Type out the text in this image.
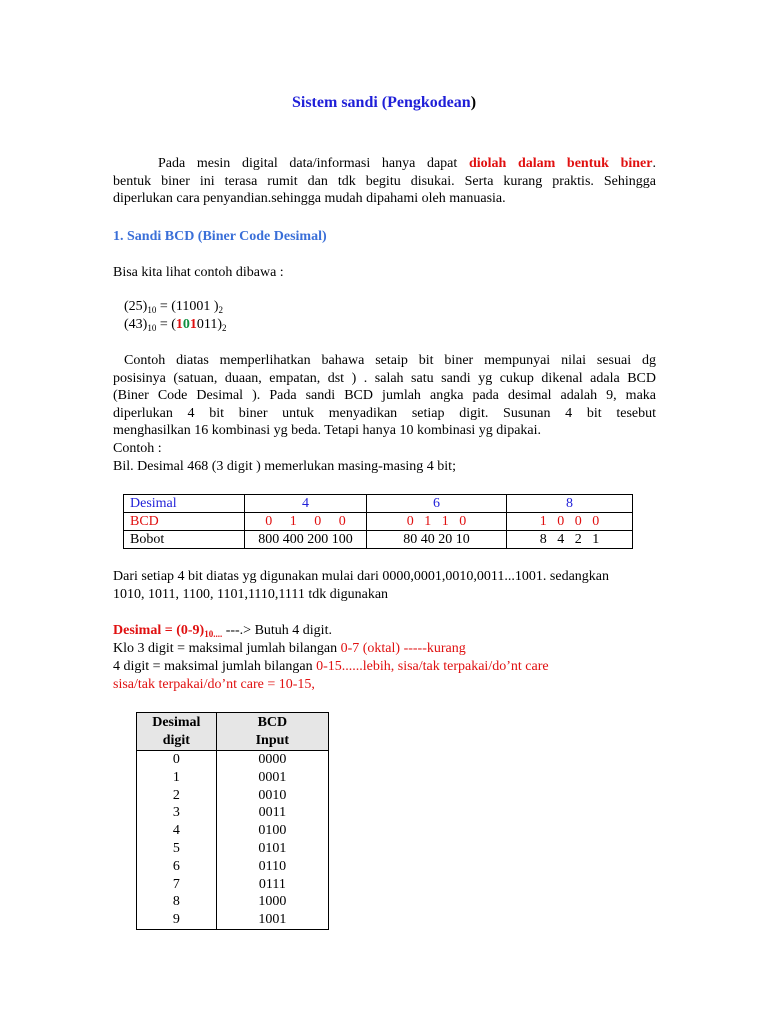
Sistem sandi (Pengkodean)
Pada mesin digital data/informasi hanya dapat diolah dalam bentuk biner.
bentuk biner ini terasa rumit dan tdk begitu disukai. Serta kurang praktis. Sehingga
diperlukan cara penyandian.sehingga mudah dipahami oleh manuasia.
1. Sandi BCD (Biner Code Desimal)
Bisa kita lihat contoh dibawa :
$(25)_{10} = (11001$ )$_2$
$(43)_{10} = (101011)_2$
Contoh diatas memperlihatkan bahawa setaip bit biner mempunyai nilai sesuai dg
posisinya (satuan, duaan, empatan, dst ) . salah satu sandi yg cukup dikenal adala BCD
(Biner Code Desimal ). Pada sandi BCD jumlah angka pada desimal adalah 9, maka
diperlukan 4 bit biner untuk menyadikan setiap digit. Susunan 4 bit tesebut
menghasilkan 16 kombinasi yg beda. Tetapi hanya 10 kombinasi yg dipakai.
Contoh :
Bil. Desimal 468 (3 digit ) memerlukan masing-masing 4 bit;
Desimal	4	6	8
BCD	0     1     0     0	0   1   1   0	1   0   0   0
Bobot	800 400 200 100	80 40 20 10	8   4   2   1
Dari setiap 4 bit diatas yg digunakan mulai dari 0000,0001,0010,0011...1001. sedangkan
1010, 1011, 1100, 1101,1110,1111 tdk digunakan
Desimal = $(0-9)_{10....}$ ---.> Butuh 4 digit.
Klo 3 digit = maksimal jumlah bilangan 0-7 (oktal) -----kurang
4 digit = maksimal jumlah bilangan 0-15......lebih, sisa/tak terpakai/do’nt care
sisa/tak terpakai/do’nt care = 10-15,
Desimal
digit	BCD
Input
0	0000
1	0001
2	0010
3	0011
4	0100
5	0101
6	0110
7	0111
8	1000
9	1001
